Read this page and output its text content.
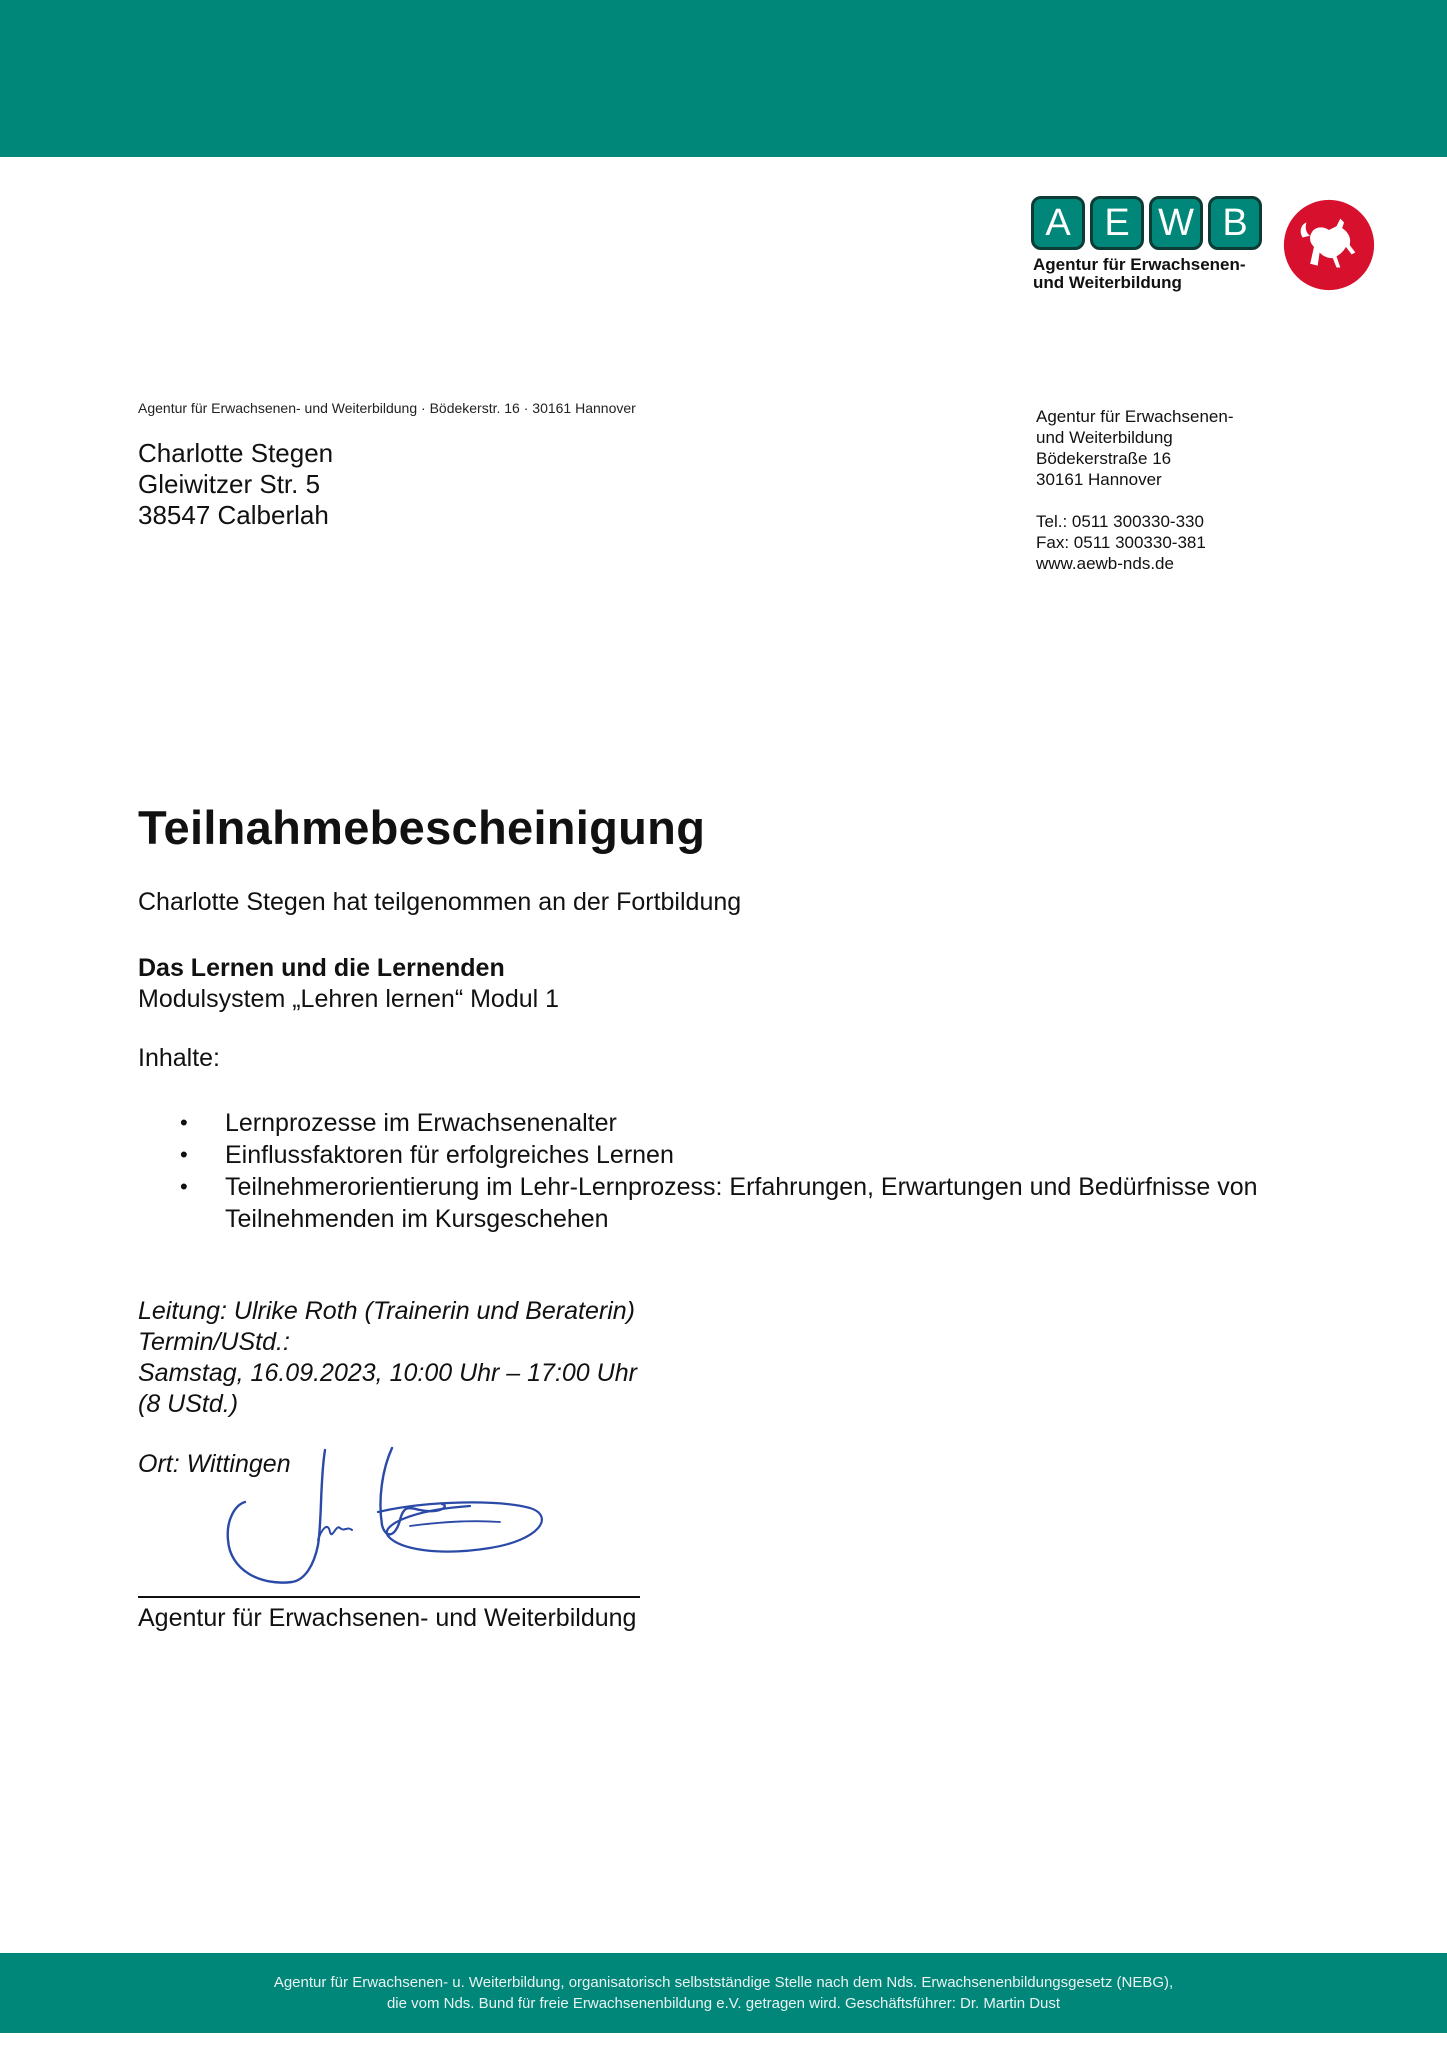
A E W B
Agentur für Erwachsenen-
und Weiterbildung
Agentur für Erwachsenen- und Weiterbildung · Bödekerstr. 16 · 30161 Hannover
Charlotte Stegen
Gleiwitzer Str. 5
38547 Calberlah
Agentur für Erwachsenen-
und Weiterbildung
Bödekerstraße 16
30161 Hannover
Tel.: 0511 300330-330
Fax: 0511 300330-381
www.aewb-nds.de
Teilnahmebescheinigung
Charlotte Stegen hat teilgenommen an der Fortbildung
Das Lernen und die Lernenden
Modulsystem „Lehren lernen“ Modul 1
Inhalte:
• Lernprozesse im Erwachsenenalter
• Einflussfaktoren für erfolgreiches Lernen
• Teilnehmerorientierung im Lehr-Lernprozess: Erfahrungen, Erwartungen und Bedürfnisse von Teilnehmenden im Kursgeschehen
Leitung: Ulrike Roth (Trainerin und Beraterin)
Termin/UStd.:
Samstag, 16.09.2023, 10:00 Uhr – 17:00 Uhr
(8 UStd.)
Ort: Wittingen
Agentur für Erwachsenen- und Weiterbildung
Agentur für Erwachsenen- u. Weiterbildung, organisatorisch selbstständige Stelle nach dem Nds. Erwachsenenbildungsgesetz (NEBG),
die vom Nds. Bund für freie Erwachsenenbildung e.V. getragen wird. Geschäftsführer: Dr. Martin Dust
